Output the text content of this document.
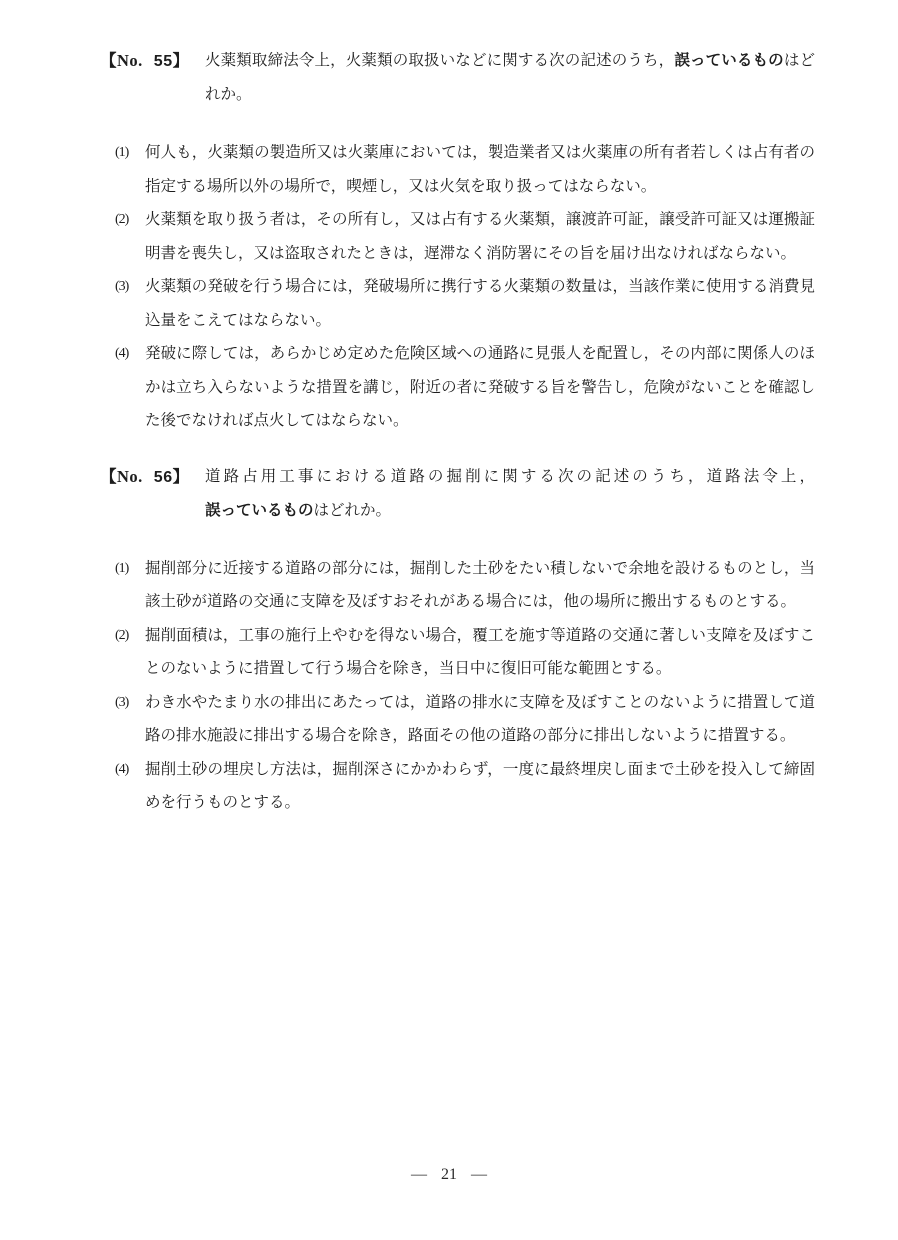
【No. 55】	火薬類取締法令上，火薬類の取扱いなどに関する次の記述のうち，誤っているものはどれか。
(1)	何人も，火薬類の製造所又は火薬庫においては，製造業者又は火薬庫の所有者若しくは占有者の指定する場所以外の場所で，喫煙し，又は火気を取り扱ってはならない。
(2)	火薬類を取り扱う者は，その所有し，又は占有する火薬類，譲渡許可証，譲受許可証又は運搬証明書を喪失し，又は盗取されたときは，遅滞なく消防署にその旨を届け出なければならない。
(3)	火薬類の発破を行う場合には，発破場所に携行する火薬類の数量は，当該作業に使用する消費見込量をこえてはならない。
(4)	発破に際しては，あらかじめ定めた危険区域への通路に見張人を配置し，その内部に関係人のほかは立ち入らないような措置を講じ，附近の者に発破する旨を警告し，危険がないことを確認した後でなければ点火してはならない。
【No. 56】	道路占用工事における道路の掘削に関する次の記述のうち，道路法令上，
誤っているものはどれか。
(1)	掘削部分に近接する道路の部分には，掘削した土砂をたい積しないで余地を設けるものとし，当該土砂が道路の交通に支障を及ぼすおそれがある場合には，他の場所に搬出するものとする。
(2)	掘削面積は，工事の施行上やむを得ない場合，覆工を施す等道路の交通に著しい支障を及ぼすことのないように措置して行う場合を除き，当日中に復旧可能な範囲とする。
(3)	わき水やたまり水の排出にあたっては，道路の排水に支障を及ぼすことのないように措置して道路の排水施設に排出する場合を除き，路面その他の道路の部分に排出しないように措置する。
(4)	掘削土砂の埋戻し方法は，掘削深さにかかわらず，一度に最終埋戻し面まで土砂を投入して締固めを行うものとする。
— 21 —
